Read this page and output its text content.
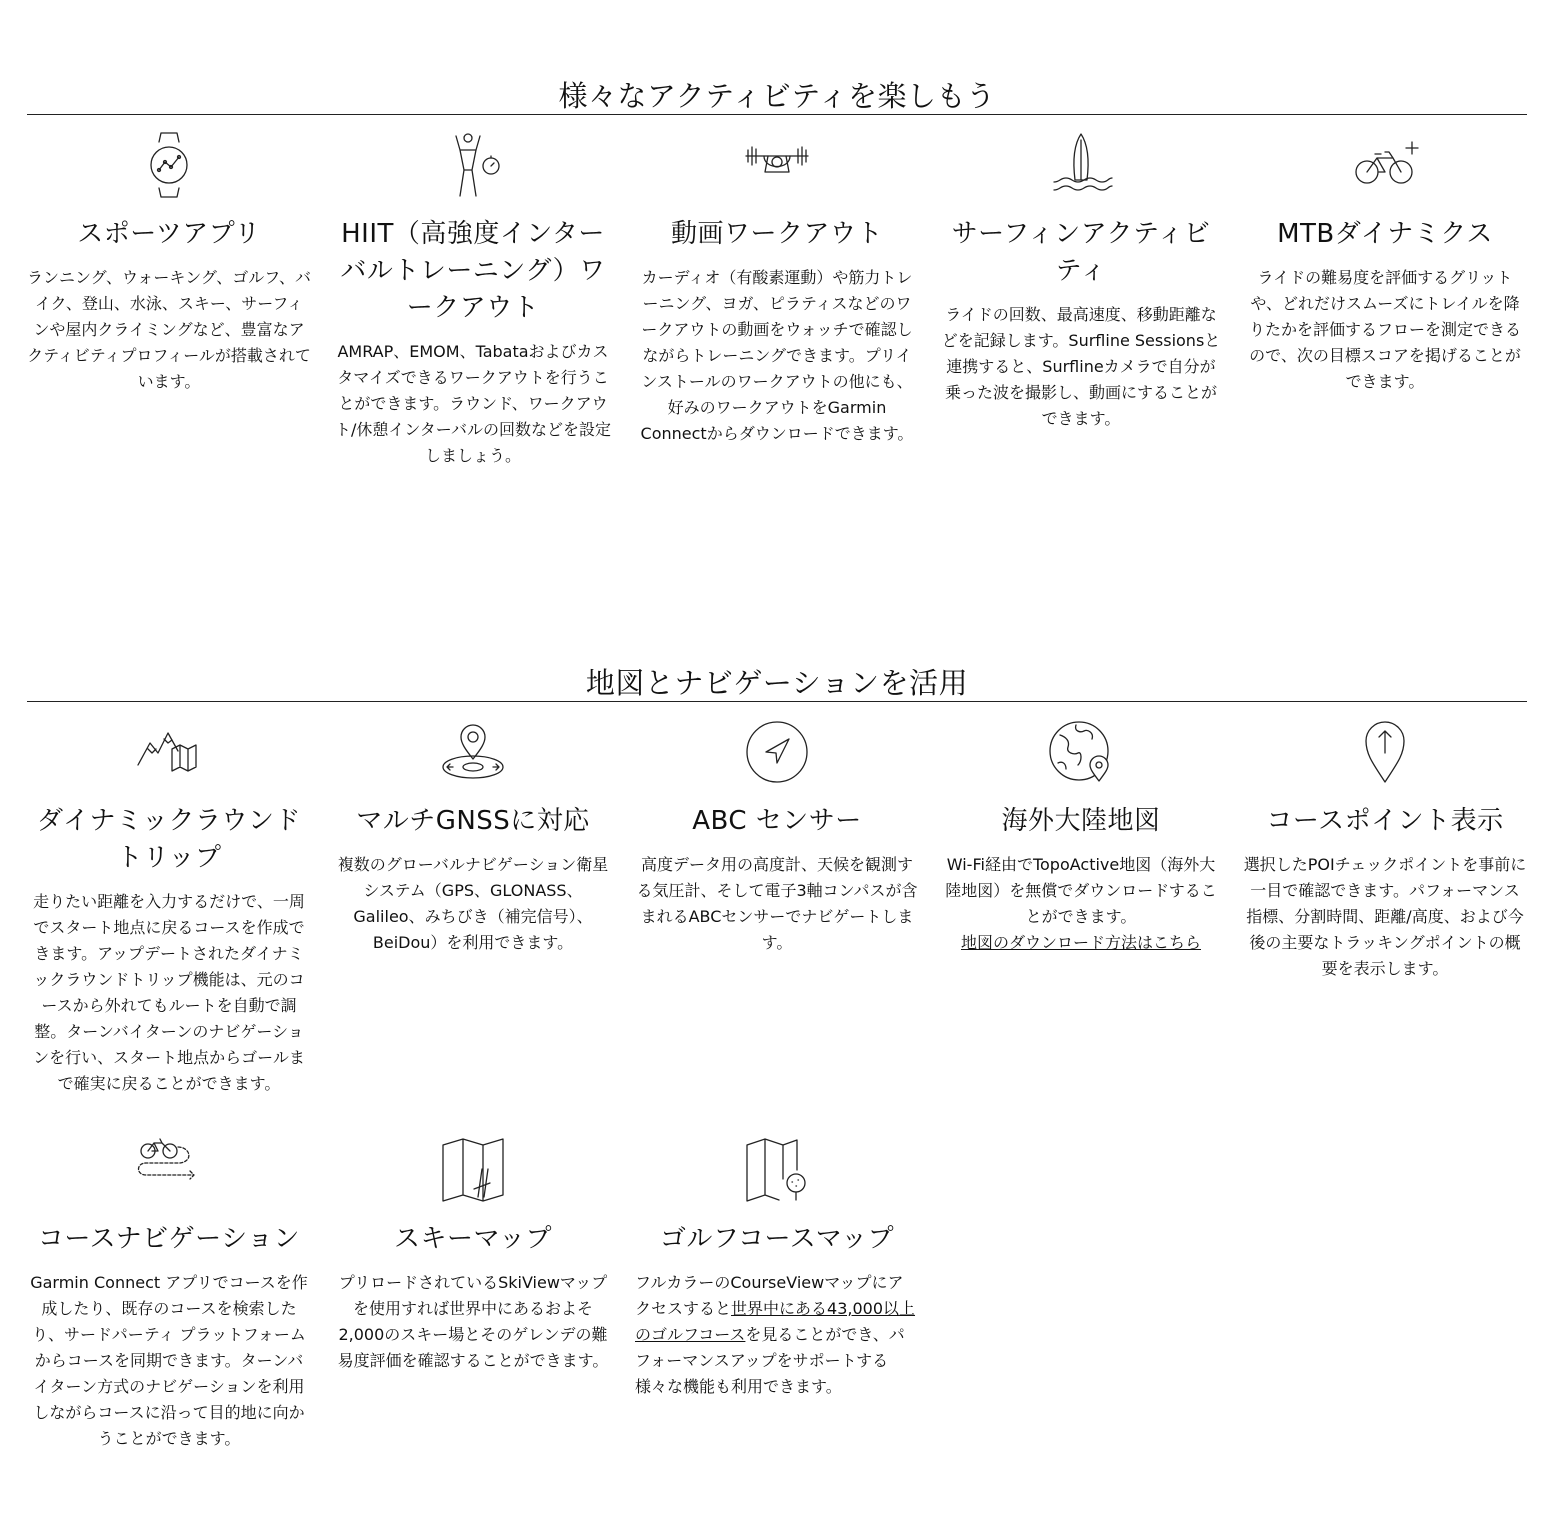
様々なアクティビティを楽しもう
スポーツアプリ

ランニング、ウォーキング、ゴルフ、バイク、登山、水泳、スキー、サーフィンや屋内クライミングなど、豊富なアクティビティプロフィールが搭載されています。

HIIT（高強度インターバルトレーニング）ワークアウト

AMRAP、EMOM、Tabataおよびカスタマイズできるワークアウトを行うことができます。ラウンド、ワークアウト/休憩インターバルの回数などを設定しましょう。

動画ワークアウト

カーディオ（有酸素運動）や筋力トレーニング、ヨガ、ピラティスなどのワークアウトの動画をウォッチで確認しながらトレーニングできます。プリインストールのワークアウトの他にも、好みのワークアウトをGarmin Connectからダウンロードできます。

サーフィンアクティビティ

ライドの回数、最高速度、移動距離などを記録します。Surfline Sessionsと連携すると、Surflineカメラで自分が乗った波を撮影し、動画にすることができます。

MTBダイナミクス

ライドの難易度を評価するグリットや、どれだけスムーズにトレイルを降りたかを評価するフローを測定できるので、次の目標スコアを掲げることができます。

地図とナビゲーションを活用
ダイナミックラウンドトリップ

走りたい距離を入力するだけで、一周でスタート地点に戻るコースを作成できます。アップデートされたダイナミックラウンドトリップ機能は、元のコースから外れてもルートを自動で調整。ターンバイターンのナビゲーションを行い、スタート地点からゴールまで確実に戻ることができます。

マルチGNSSに対応

複数のグローバルナビゲーション衛星システム（GPS、GLONASS、Galileo、みちびき（補完信号）、BeiDou）を利用できます。

ABC センサー

高度データ用の高度計、天候を観測する気圧計、そして電子3軸コンパスが含まれるABCセンサーでナビゲートします。

海外大陸地図

Wi-Fi経由でTopoActive地図（海外大陸地図）を無償でダウンロードすることができます。
地図のダウンロード方法はこちら

コースポイント表示

選択したPOIチェックポイントを事前に一目で確認できます。パフォーマンス指標、分割時間、距離/高度、および今後の主要なトラッキングポイントの概要を表示します。

コースナビゲーション

Garmin Connect アプリでコースを作成したり、既存のコースを検索したり、サードパーティ プラットフォームからコースを同期できます。ターンバイターン方式のナビゲーションを利用しながらコースに沿って目的地に向かうことができます。

スキーマップ

プリロードされているSkiViewマップを使用すれば世界中にあるおよそ2,000のスキー場とそのゲレンデの難易度評価を確認することができます。

ゴルフコースマップ

フルカラーのCourseViewマップにアクセスすると世界中にある43,000以上のゴルフコースを見ることができ、パフォーマンスアップをサポートする様々な機能も利用できます。
